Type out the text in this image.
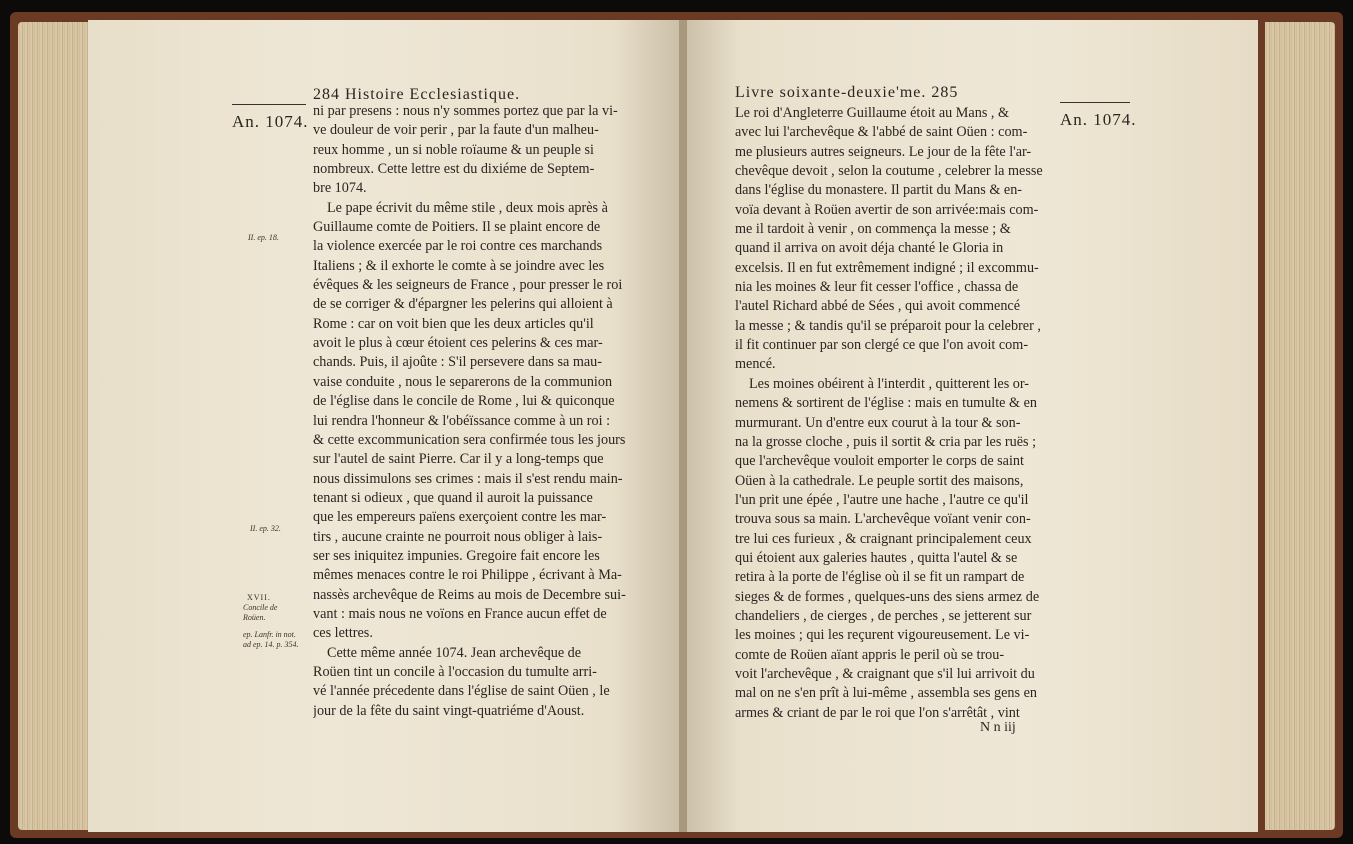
An. 1074.
284 Histoire Ecclesiastique.
II. ep. 18.
II. ep. 32.
XVII.
Concile de
Roüen.
ep. Lanfr. in not.
ad ep. 14. p. 354.
ni par presens : nous n'y sommes portez que par la vi-
ve douleur de voir perir , par la faute d'un malheu-
reux homme , un si noble roïaume & un peuple si
nombreux. Cette lettre est du dixiéme de Septem-
bre 1074.
Le pape écrivit du même stile , deux mois après à
Guillaume comte de Poitiers. Il se plaint encore de
la violence exercée par le roi contre ces marchands
Italiens ; & il exhorte le comte à se joindre avec les
évêques & les seigneurs de France , pour presser le roi
de se corriger & d'épargner les pelerins qui alloient à
Rome : car on voit bien que les deux articles qu'il
avoit le plus à cœur étoient ces pelerins & ces mar-
chands. Puis, il ajoûte : S'il persevere dans sa mau-
vaise conduite , nous le separerons de la communion
de l'église dans le concile de Rome , lui & quiconque
lui rendra l'honneur & l'obéïssance comme à un roi :
& cette excommunication sera confirmée tous les jours
sur l'autel de saint Pierre. Car il y a long-temps que
nous dissimulons ses crimes : mais il s'est rendu main-
tenant si odieux , que quand il auroit la puissance
que les empereurs païens exerçoient contre les mar-
tirs , aucune crainte ne pourroit nous obliger à lais-
ser ses iniquitez impunies. Gregoire fait encore les
mêmes menaces contre le roi Philippe , écrivant à Ma-
nassès archevêque de Reims au mois de Decembre sui-
vant : mais nous ne voïons en France aucun effet de
ces lettres.
Cette même année 1074. Jean archevêque de
Roüen tint un concile à l'occasion du tumulte arri-
vé l'année précedente dans l'église de saint Oüen , le
jour de la fête du saint vingt-quatriéme d'Aoust.
Livre soixante-deuxie'me. 285
An. 1074.
Le roi d'Angleterre Guillaume étoit au Mans , &
avec lui l'archevêque & l'abbé de saint Oüen : com-
me plusieurs autres seigneurs. Le jour de la fête l'ar-
chevêque devoit , selon la coutume , celebrer la messe
dans l'église du monastere. Il partit du Mans & en-
voïa devant à Roüen avertir de son arrivée:mais com-
me il tardoit à venir , on commença la messe ; &
quand il arriva on avoit déja chanté le Gloria in
excelsis. Il en fut extrêmement indigné ; il excommu-
nia les moines & leur fit cesser l'office , chassa de
l'autel Richard abbé de Sées , qui avoit commencé
la messe ; & tandis qu'il se préparoit pour la celebrer ,
il fit continuer par son clergé ce que l'on avoit com-
mencé.
Les moines obéirent à l'interdit , quitterent les or-
nemens & sortirent de l'église : mais en tumulte & en
murmurant. Un d'entre eux courut à la tour & son-
na la grosse cloche , puis il sortit & cria par les ruës ;
que l'archevêque vouloit emporter le corps de saint
Oüen à la cathedrale. Le peuple sortit des maisons,
l'un prit une épée , l'autre une hache , l'autre ce qu'il
trouva sous sa main. L'archevêque voïant venir con-
tre lui ces furieux , & craignant principalement ceux
qui étoient aux galeries hautes , quitta l'autel & se
retira à la porte de l'église où il se fit un rampart de
sieges & de formes , quelques-uns des siens armez de
chandeliers , de cierges , de perches , se jetterent sur
les moines ; qui les reçurent vigoureusement. Le vi-
comte de Roüen aïant appris le peril où se trou-
voit l'archevêque , & craignant que s'il lui arrivoit du
mal on ne s'en prît à lui-même , assembla ses gens en
armes & criant de par le roi que l'on s'arrêtât , vint
N n iij
